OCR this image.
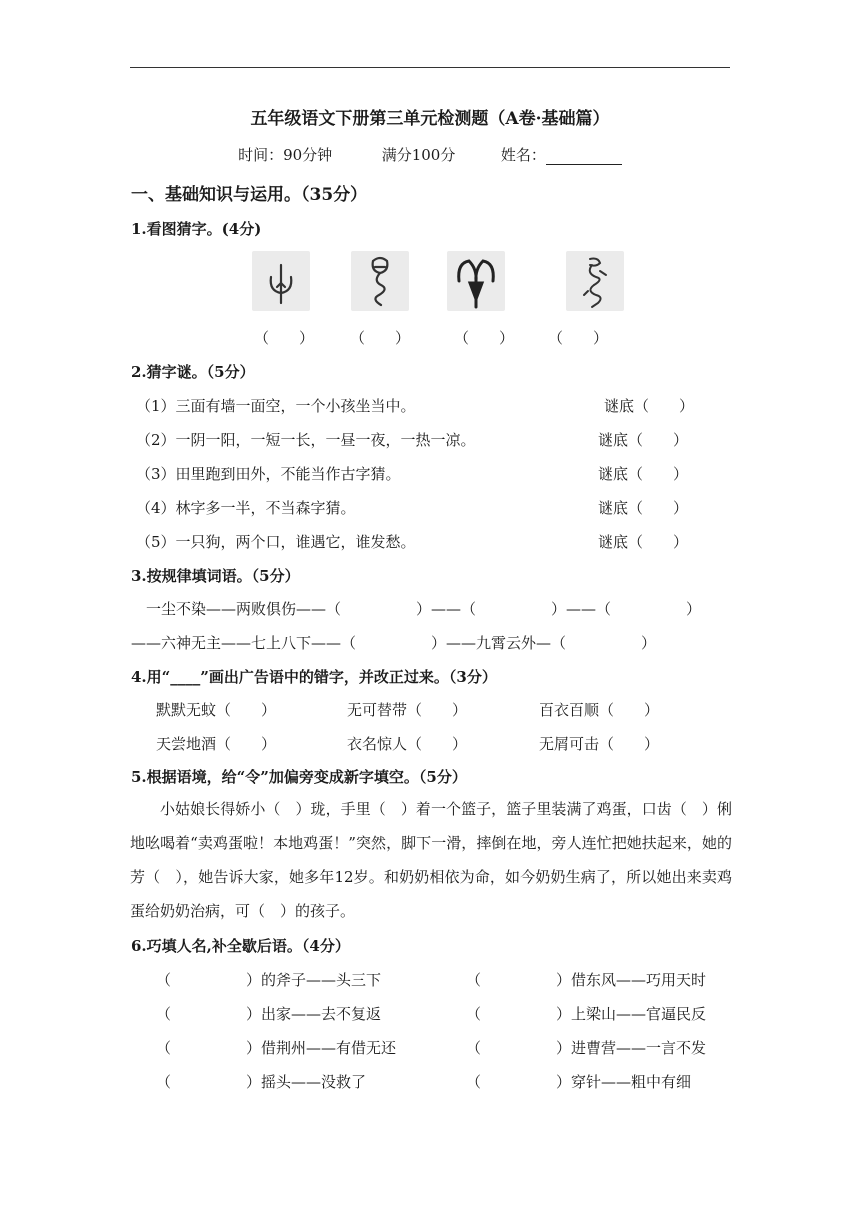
五年级语文下册第三单元检测题（A卷·基础篇）
时间：90分钟	满分100分	姓名：
一、基础知识与运用。（35分）
1.看图猜字。(4分)
（　　） （　　）	（　　） （　　）
2.猜字谜。（5分）
（1）三面有墙一面空，一个小孩坐当中。	谜底（　　）
（2）一阴一阳，一短一长，一昼一夜，一热一凉。	谜底（　　）
（3）田里跑到田外，不能当作古字猜。	谜底（　　）
（4）林字多一半，不当森字猜。	谜底（　　）
（5）一只狗，两个口，谁遇它，谁发愁。	谜底（　　）
3.按规律填词语。（5分）
一尘不染——两败俱伤——（　　　　　）——（　　　　　）——（　　　　　）
——六神无主——七上八下——（　　　　　）——九霄云外—（　　　　　）
4.用“____”画出广告语中的错字，并改正过来。（3分）
默默无蚊（　　）	无可替带（　　）	百衣百顺（　　）
天尝地酒（　　）	衣名惊人（　　）	无屑可击（　　）
5.根据语境，给“令”加偏旁变成新字填空。（5分）
小姑娘长得娇小（　）珑，手里（　）着一个篮子，篮子里装满了鸡蛋，口齿（　）俐地吆喝着“卖鸡蛋啦！本地鸡蛋！”突然，脚下一滑，摔倒在地，旁人连忙把她扶起来，她的芳（　），她告诉大家，她多年12岁。和奶奶相依为命，如今奶奶生病了，所以她出来卖鸡蛋给奶奶治病，可（　）的孩子。
6.巧填人名,补全歇后语。（4分）
（　　　　　）的斧子——头三下	（　　　　　）借东风——巧用天时
（　　　　　）出家——去不复返	（　　　　　）上梁山——官逼民反
（　　　　　）借荆州——有借无还	（　　　　　）进曹营——一言不发
（　　　　　）摇头——没救了	（　　　　　）穿针——粗中有细
